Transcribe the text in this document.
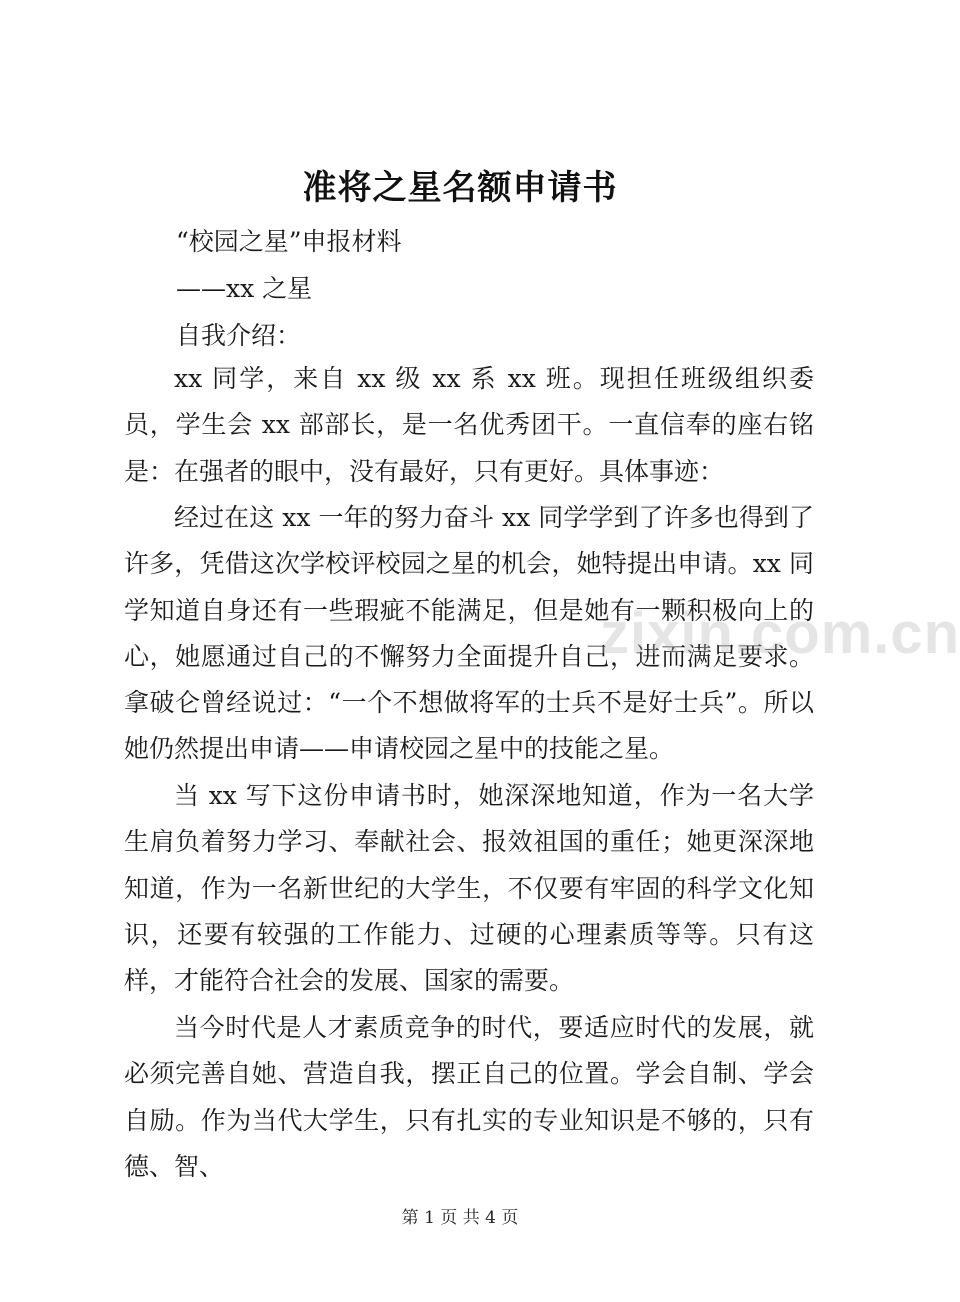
准将之星名额申请书
“校园之星”申报材料
——xx 之星
自我介绍：

xx 同学，来自 xx 级 xx 系 xx 班。现担任班级组织委员，学生会 xx 部部长，是一名优秀团干。一直信奉的座右铭是：在强者的眼中，没有最好，只有更好。具体事迹：

经过在这 xx 一年的努力奋斗 xx 同学学到了许多也得到了许多，凭借这次学校评校园之星的机会，她特提出申请。xx 同学知道自身还有一些瑕疵不能满足，但是她有一颗积极向上的心，她愿通过自己的不懈努力全面提升自己，进而满足要求。拿破仑曾经说过：“一个不想做将军的士兵不是好士兵”。所以她仍然提出申请——申请校园之星中的技能之星。

当 xx 写下这份申请书时，她深深地知道，作为一名大学生肩负着努力学习、奉献社会、报效祖国的重任；她更深深地知道，作为一名新世纪的大学生，不仅要有牢固的科学文化知识，还要有较强的工作能力、过硬的心理素质等等。只有这样，才能符合社会的发展、国家的需要。

当今时代是人才素质竞争的时代，要适应时代的发展，就必须完善自她、营造自我，摆正自己的位置。学会自制、学会自励。作为当代大学生，只有扎实的专业知识是不够的，只有德、智、

zixin.com.cn
第 1 页 共 4 页
